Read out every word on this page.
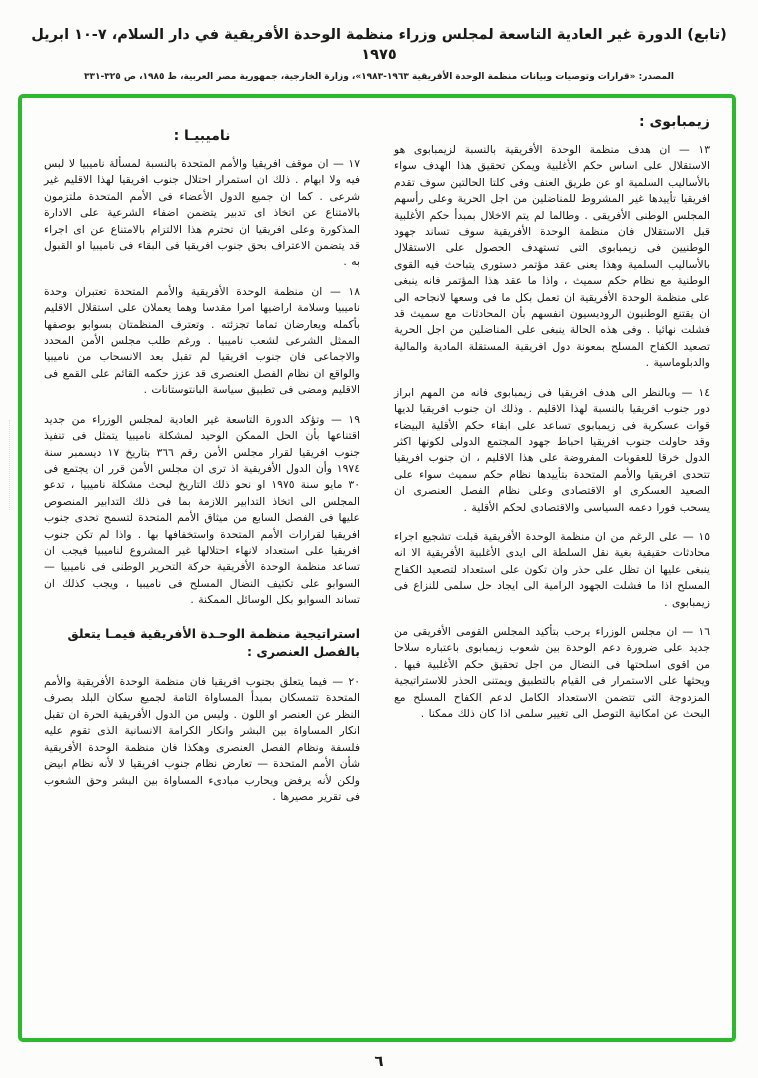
(تابع) الدورة غير العادية التاسعة لمجلس وزراء منظمة الوحدة الأفريقية في دار السلام، ٧-١٠ ابريل ١٩٧٥
المصدر: «قرارات وتوصيات وبيانات منظمة الوحدة الأفريقية ١٩٦٣-١٩٨٣»، وزارة الخارجية، جمهورية مصر العربية، ط ١٩٨٥، ص ٣٢٥-٣٣١
زيمبابوى :

١٣ — ان هدف منظمة الوحدة الأفريقية بالنسبة لزيمبابوى هو الاستقلال على اساس حكم الأغلبية ويمكن تحقيق هذا الهدف سواء بالأساليب السلمية او عن طريق العنف وفى كلتا الحالتين سوف تقدم افريقيا تأييدها غير المشروط للمناضلين من اجل الحرية وعلى رأسهم المجلس الوطنى الأفريقى . وطالما لم يتم الاخلال بمبدأ حكم الأغلبية قبل الاستقلال فان منظمة الوحدة الأفريقية سوف تساند جهود الوطنيين فى زيمبابوى التى تستهدف الحصول على الاستقلال بالأساليب السلمية وهذا يعنى عقد مؤتمر دستورى يتباحث فيه القوى الوطنية مع نظام حكم سميث ، واذا ما عقد هذا المؤتمر فانه ينبغى على منظمة الوحدة الأفريقية ان تعمل بكل ما فى وسعها لانجاحه الى ان يقتنع الوطنيون الروديسيون انفسهم بأن المحادثات مع سميث قد فشلت نهائيا . وفى هذه الحالة ينبغى على المناضلين من اجل الحرية تصعيد الكفاح المسلح بمعونة دول افريقية المستقلة المادية والمالية والدبلوماسية .

١٤ — وبالنظر الى هدف افريقيا فى زيمبابوى فانه من المهم ابراز دور جنوب افريقيا بالنسبة لهذا الاقليم . وذلك ان جنوب افريقيا لديها قوات عسكرية فى زيمبابوى تساعد على ابقاء حكم الأقلية البيضاء وقد حاولت جنوب افريقيا احباط جهود المجتمع الدولى لكونها اكثر الدول خرقا للعقوبات المفروضة على هذا الاقليم ، ان جنوب افريقيا تتحدى افريقيا والأمم المتحدة بتأييدها نظام حكم سميث سواء على الصعيد العسكرى او الاقتصادى وعلى نظام الفصل العنصرى ان يسحب فورا دعمه السياسى والاقتصادى لحكم الأقلية .

١٥ — على الرغم من ان منظمة الوحدة الأفريقية قبلت تشجيع اجراء محادثات حقيقية بغية نقل السلطة الى ايدى الأغلبية الأفريقية الا انه ينبغى عليها ان تظل على حذر وان تكون على استعداد لتصعيد الكفاح المسلح اذا ما فشلت الجهود الرامية الى ايجاد حل سلمى للنزاع فى زيمبابوى .

١٦ — ان مجلس الوزراء يرحب بتأكيد المجلس القومى الأفريقى من جديد على ضرورة دعم الوحدة بين شعوب زيمبابوى باعتباره سلاحا من اقوى اسلحتها فى النضال من اجل تحقيق حكم الأغلبية فيها . ويحثها على الاستمرار فى القيام بالتطبيق ويمتنى الحذر للاستراتيجية المزدوجة التى تتضمن الاستعداد الكامل لدعم الكفاح المسلح مع البحث عن امكانية التوصل الى تغيير سلمى اذا كان ذلك ممكنا .

ناميبيـا :

١٧ — ان موقف افريقيا والأمم المتحدة بالنسبة لمسألة ناميبيا لا لبس فيه ولا ابهام . ذلك ان استمرار احتلال جنوب افريقيا لهذا الاقليم غير شرعى . كما ان جميع الدول الأعضاء فى الأمم المتحدة ملتزمون بالامتناع عن اتخاذ اى تدبير يتضمن اضفاء الشرعية على الادارة المذكورة وعلى افريقيا ان تحترم هذا الالتزام بالامتناع عن اى اجراء قد يتضمن الاعتراف بحق جنوب افريقيا فى البقاء فى ناميبيا او القبول به .

١٨ — ان منظمة الوحدة الأفريقية والأمم المتحدة تعتبران وحدة ناميبيا وسلامة اراضيها امرا مقدسا وهما يعملان على استقلال الاقليم بأكمله ويعارضان تماما تجزئته . وتعترف المنظمتان بسوابو بوصفها الممثل الشرعى لشعب ناميبيا . ورغم طلب مجلس الأمن المحدد والاجماعى فان جنوب افريقيا لم تقبل بعد الانسحاب من ناميبيا والواقع ان نظام الفصل العنصرى قد عزز حكمه القائم على القمع فى الاقليم ومضى فى تطبيق سياسة البانتوستانات .

١٩ — وتؤكد الدورة التاسعة غير العادية لمجلس الوزراء من جديد اقتناعها بأن الحل الممكن الوحيد لمشكلة ناميبيا يتمثل فى تنفيذ جنوب افريقيا لقرار مجلس الأمن رقم ٣٦٦ بتاريخ ١٧ ديسمبر سنة ١٩٧٤ وأن الدول الأفريقية اذ ترى ان مجلس الأمن قرر ان يجتمع فى ٣٠ مايو سنة ١٩٧٥ او نحو ذلك التاريخ لبحث مشكلة ناميبيا ، تدعو المجلس الى اتخاذ التدابير اللازمة بما فى ذلك التدابير المنصوص عليها فى الفصل السابع من ميثاق الأمم المتحدة لتسمح تحدى جنوب افريقيا لقرارات الأمم المتحدة واستخفافها بها . واذا لم تكن جنوب افريقيا على استعداد لانهاء احتلالها غير المشروع لناميبيا فيجب ان تساعد منظمة الوحدة الأفريقية حركة التحرير الوطنى فى ناميبيا — السوابو على تكثيف النضال المسلح فى ناميبيا ، ويجب كذلك ان تساند السوابو بكل الوسائل الممكنة .

استراتيجية منظمة الوحـدة الأفريقية فيمـا يتعلق بالفصل العنصرى :

٢٠ — فيما يتعلق بجنوب افريقيا فان منظمة الوحدة الأفريقية والأمم المتحدة تتمسكان بمبدأ المساواة التامة لجميع سكان البلد بصرف النظر عن العنصر او اللون . وليس من الدول الأفريقية الحرة ان تقبل انكار المساواة بين البشر وانكار الكرامة الانسانية الذى تقوم عليه فلسفة ونظام الفصل العنصرى وهكذا فان منظمة الوحدة الأفريقية شأن الأمم المتحدة — تعارض نظام جنوب افريقيا لا لأنه نظام ابيض ولكن لأنه يرفض ويحارب مبادىء المساواة بين البشر وحق الشعوب فى تقرير مصيرها .

٦
